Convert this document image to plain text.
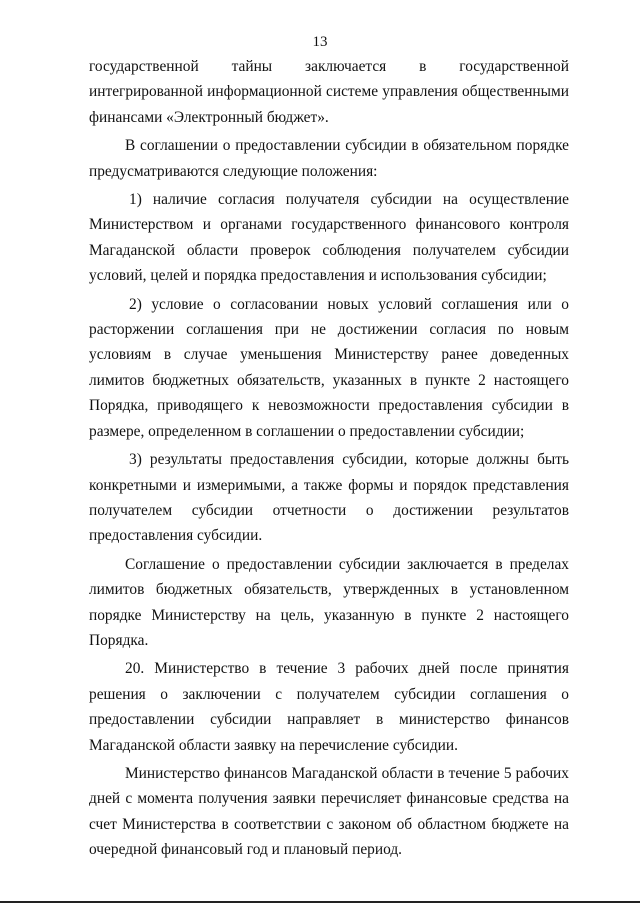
13

государственной тайны заключается в государственной интегрированной информационной системе управления общественными финансами «Электронный бюджет».

В соглашении о предоставлении субсидии в обязательном порядке предусматриваются следующие положения:

1) наличие согласия получателя субсидии на осуществление Министерством и органами государственного финансового контроля Магаданской области проверок соблюдения получателем субсидии условий, целей и порядка предоставления и использования субсидии;

2) условие о согласовании новых условий соглашения или о расторжении соглашения при не достижении согласия по новым условиям в случае уменьшения Министерству ранее доведенных лимитов бюджетных обязательств, указанных в пункте 2 настоящего Порядка, приводящего к невозможности предоставления субсидии в размере, определенном в соглашении о предоставлении субсидии;

3) результаты предоставления субсидии, которые должны быть конкретными и измеримыми, а также формы и порядок представления получателем субсидии отчетности о достижении результатов предоставления субсидии.

Соглашение о предоставлении субсидии заключается в пределах лимитов бюджетных обязательств, утвержденных в установленном порядке Министерству на цель, указанную в пункте 2 настоящего Порядка.

20. Министерство в течение 3 рабочих дней после принятия решения о заключении с получателем субсидии соглашения о предоставлении субсидии направляет в министерство финансов Магаданской области заявку на перечисление субсидии.

Министерство финансов Магаданской области в течение 5 рабочих дней с момента получения заявки перечисляет финансовые средства на счет Министерства в соответствии с законом об областном бюджете на очередной финансовый год и плановый период.
